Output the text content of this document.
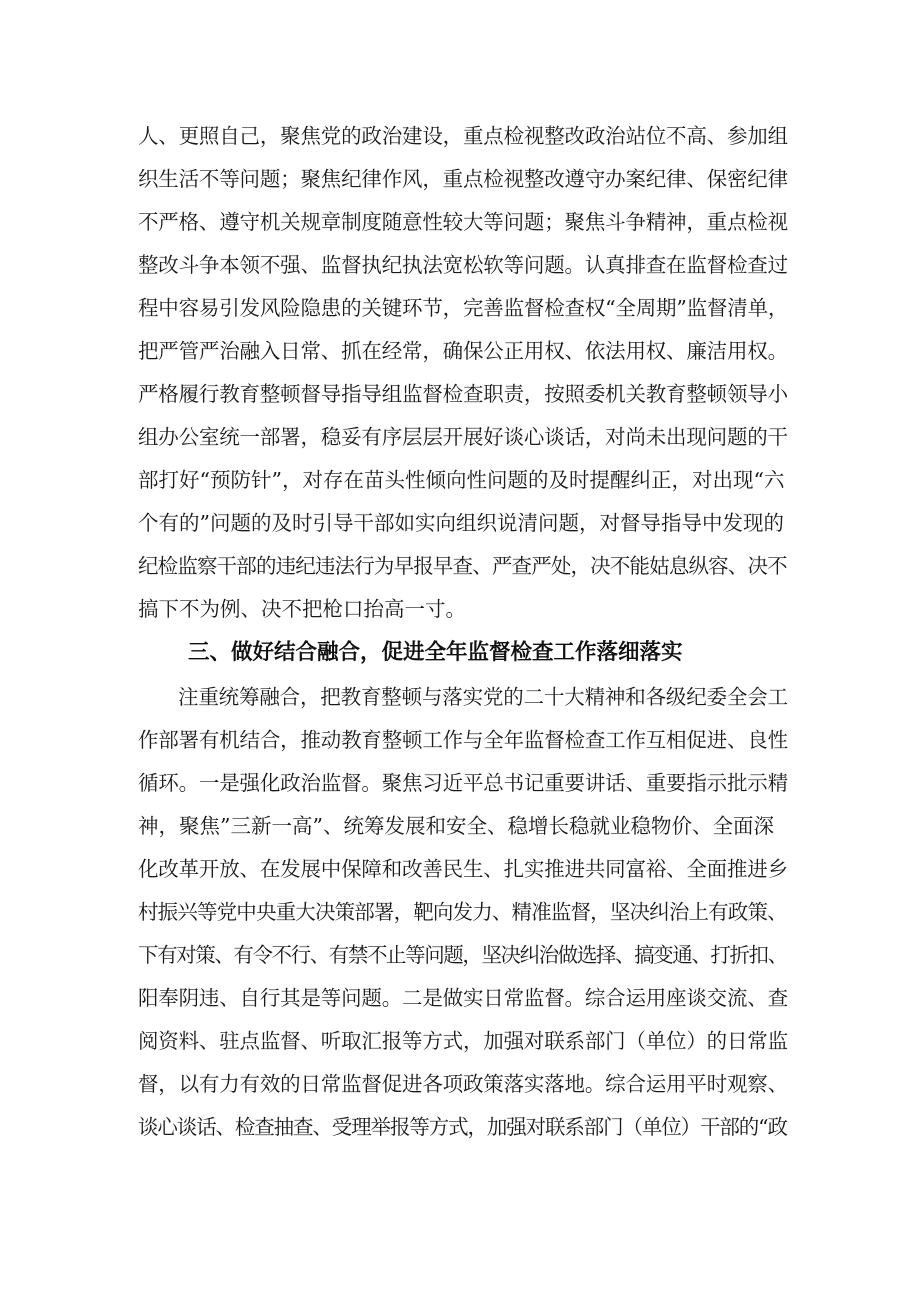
人、更照自己，聚焦党的政治建设，重点检视整改政治站位不高、参加组
织生活不等问题；聚焦纪律作风，重点检视整改遵守办案纪律、保密纪律
不严格、遵守机关规章制度随意性较大等问题；聚焦斗争精神，重点检视
整改斗争本领不强、监督执纪执法宽松软等问题。认真排查在监督检查过
程中容易引发风险隐患的关键环节，完善监督检查权“全周期”监督清单，
把严管严治融入日常、抓在经常，确保公正用权、依法用权、廉洁用权。
严格履行教育整顿督导指导组监督检查职责，按照委机关教育整顿领导小
组办公室统一部署，稳妥有序层层开展好谈心谈话，对尚未出现问题的干
部打好“预防针”，对存在苗头性倾向性问题的及时提醒纠正，对出现“六
个有的”问题的及时引导干部如实向组织说清问题，对督导指导中发现的
纪检监察干部的违纪违法行为早报早查、严查严处，决不能姑息纵容、决不
搞下不为例、决不把枪口抬高一寸。
三、做好结合融合，促进全年监督检查工作落细落实
注重统筹融合，把教育整顿与落实党的二十大精神和各级纪委全会工
作部署有机结合，推动教育整顿工作与全年监督检查工作互相促进、良性
循环。一是强化政治监督。聚焦习近平总书记重要讲话、重要指示批示精
神，聚焦”三新一高”、统筹发展和安全、稳增长稳就业稳物价、全面深
化改革开放、在发展中保障和改善民生、扎实推进共同富裕、全面推进乡
村振兴等党中央重大决策部署，靶向发力、精准监督，坚决纠治上有政策、
下有对策、有令不行、有禁不止等问题，坚决纠治做选择、搞变通、打折扣、
阳奉阴违、自行其是等问题。二是做实日常监督。综合运用座谈交流、查
阅资料、驻点监督、听取汇报等方式，加强对联系部门（单位）的日常监
督，以有力有效的日常监督促进各项政策落实落地。综合运用平时观察、
谈心谈话、检查抽查、受理举报等方式，加强对联系部门（单位）干部的“政
